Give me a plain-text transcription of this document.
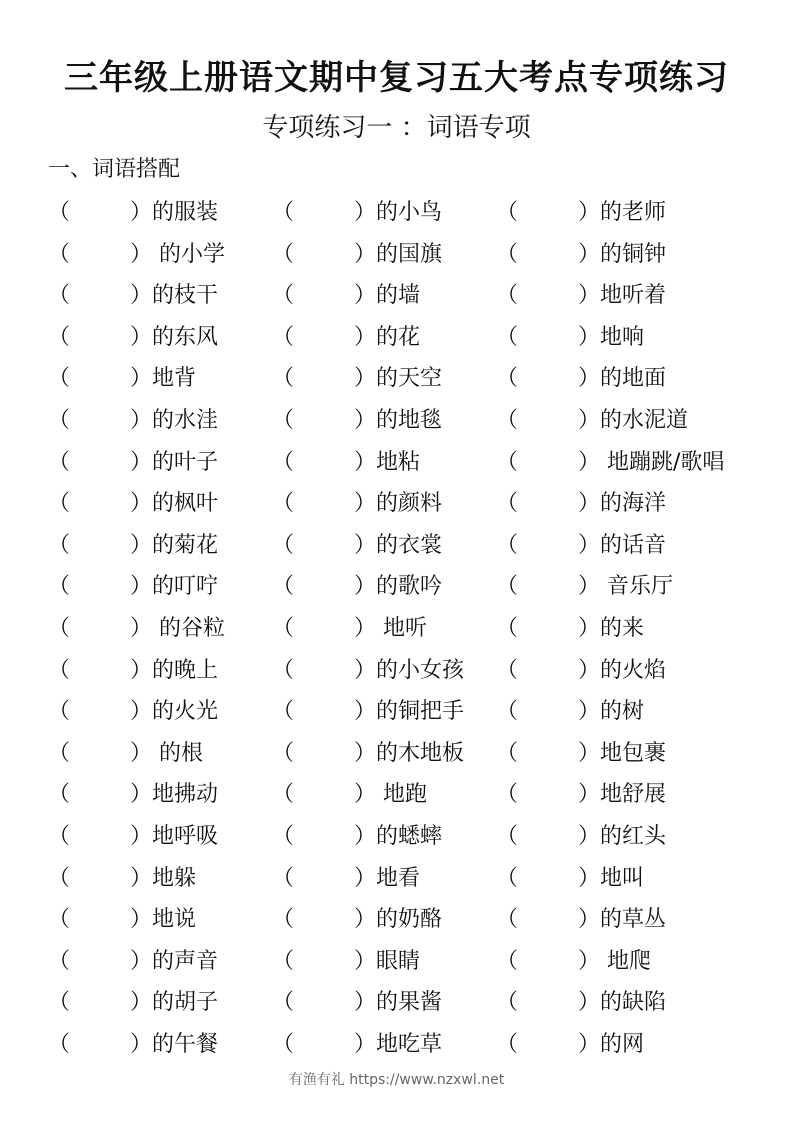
三年级上册语文期中复习五大考点专项练习
专项练习一 ：词语专项
一、词语搭配
（	）的服装	（	）的小鸟	（	）的老师
（	） 的小学	（	）的国旗	（	）的铜钟
（	）的枝干	（	）的墙	（	）地听着
（	）的东风	（	）的花	（	）地响
（	）地背	（	）的天空	（	）的地面
（	）的水洼	（	）的地毯	（	）的水泥道
（	）的叶子	（	）地粘	（	） 地蹦跳/歌唱
（	）的枫叶	（	）的颜料	（	）的海洋
（	）的菊花	（	）的衣裳	（	）的话音
（	）的叮咛	（	）的歌吟	（	） 音乐厅
（	） 的谷粒	（	） 地听	（	）的来
（	）的晚上	（	）的小女孩	（	）的火焰
（	）的火光	（	）的铜把手	（	）的树
（	） 的根	（	）的木地板	（	）地包裹
（	）地拂动	（	） 地跑	（	）地舒展
（	）地呼吸	（	）的蟋蟀	（	）的红头
（	）地躲	（	）地看	（	）地叫
（	）地说	（	）的奶酪	（	）的草丛
（	）的声音	（	）眼睛	（	） 地爬
（	）的胡子	（	）的果酱	（	）的缺陷
（	）的午餐	（	）地吃草	（	）的网
有渔有礼 https://www.nzxwl.net
